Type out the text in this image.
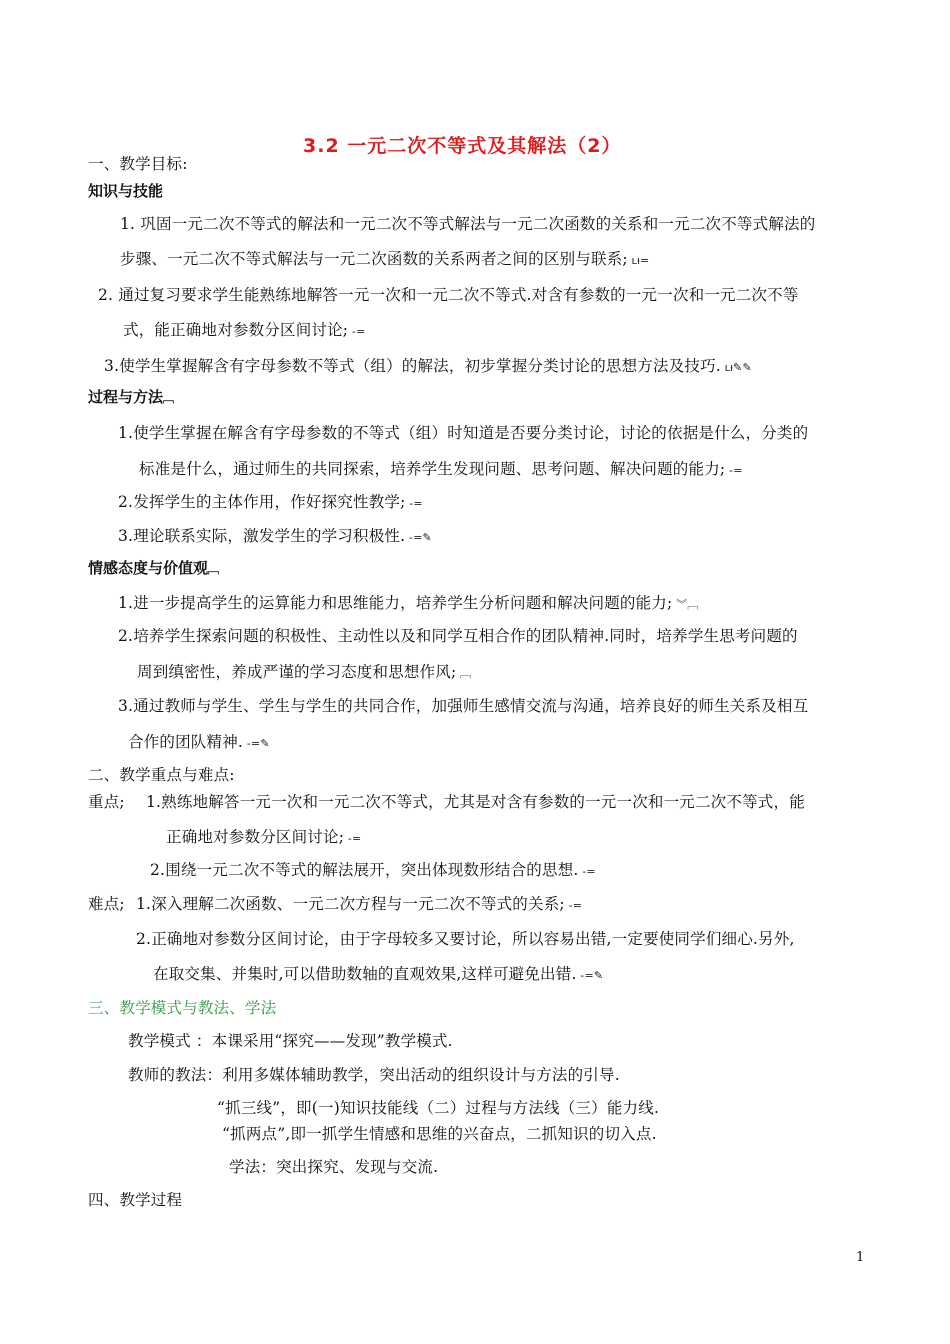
3.2 一元二次不等式及其解法（2）
一、教学目标:
知识与技能
1. 巩固一元二次不等式的解法和一元二次不等式解法与一元二次函数的关系和一元二次不等式解法的
步骤、一元二次不等式解法与一元二次函数的关系两者之间的区别与联系; ʟᵼ=
2. 通过复习要求学生能熟练地解答一元一次和一元二次不等式.对含有参数的一元一次和一元二次不等
式，能正确地对参数分区间讨论; -=
3.使学生掌握解含有字母参数不等式（组）的解法，初步掌握分类讨论的思想方法及技巧. ʟᵼ✎✎
过程与方法﹇
1.使学生掌握在解含有字母参数的不等式（组）时知道是否要分类讨论，讨论的依据是什么，分类的
标准是什么，通过师生的共同探索，培养学生发现问题、思考问题、解决问题的能力; -=
2.发挥学生的主体作用，作好探究性教学; -=
3.理论联系实际，激发学生的学习积极性. -=✎
情感态度与价值观﹇
1.进一步提高学生的运算能力和思维能力，培养学生分析问题和解决问题的能力; ︾﹇
2.培养学生探索问题的积极性、主动性以及和同学互相合作的团队精神.同时，培养学生思考问题的
周到缜密性，养成严谨的学习态度和思想作风; ﹇
3.通过教师与学生、学生与学生的共同合作，加强师生感情交流与沟通，培养良好的师生关系及相互
合作的团队精神. -=✎
二、教学重点与难点:
重点; 1.熟练地解答一元一次和一元二次不等式，尤其是对含有参数的一元一次和一元二次不等式，能
正确地对参数分区间讨论; -=
2.围绕一元二次不等式的解法展开，突出体现数形结合的思想. -=
难点; 1.深入理解二次函数、一元二次方程与一元二次不等式的关系; -=
2.正确地对参数分区间讨论，由于字母较多又要讨论，所以容易出错,一定要使同学们细心.另外,
在取交集、并集时,可以借助数轴的直观效果,这样可避免出错. -=✎
三、教学模式与教法、学法
教学模式 ：本课采用“探究——发现”教学模式.
教师的教法：利用多媒体辅助教学，突出活动的组织设计与方法的引导.
“抓三线”，即(一)知识技能线（二）过程与方法线（三）能力线.
“抓两点”,即一抓学生情感和思维的兴奋点，二抓知识的切入点.
学法：突出探究、发现与交流.
四、教学过程
1
